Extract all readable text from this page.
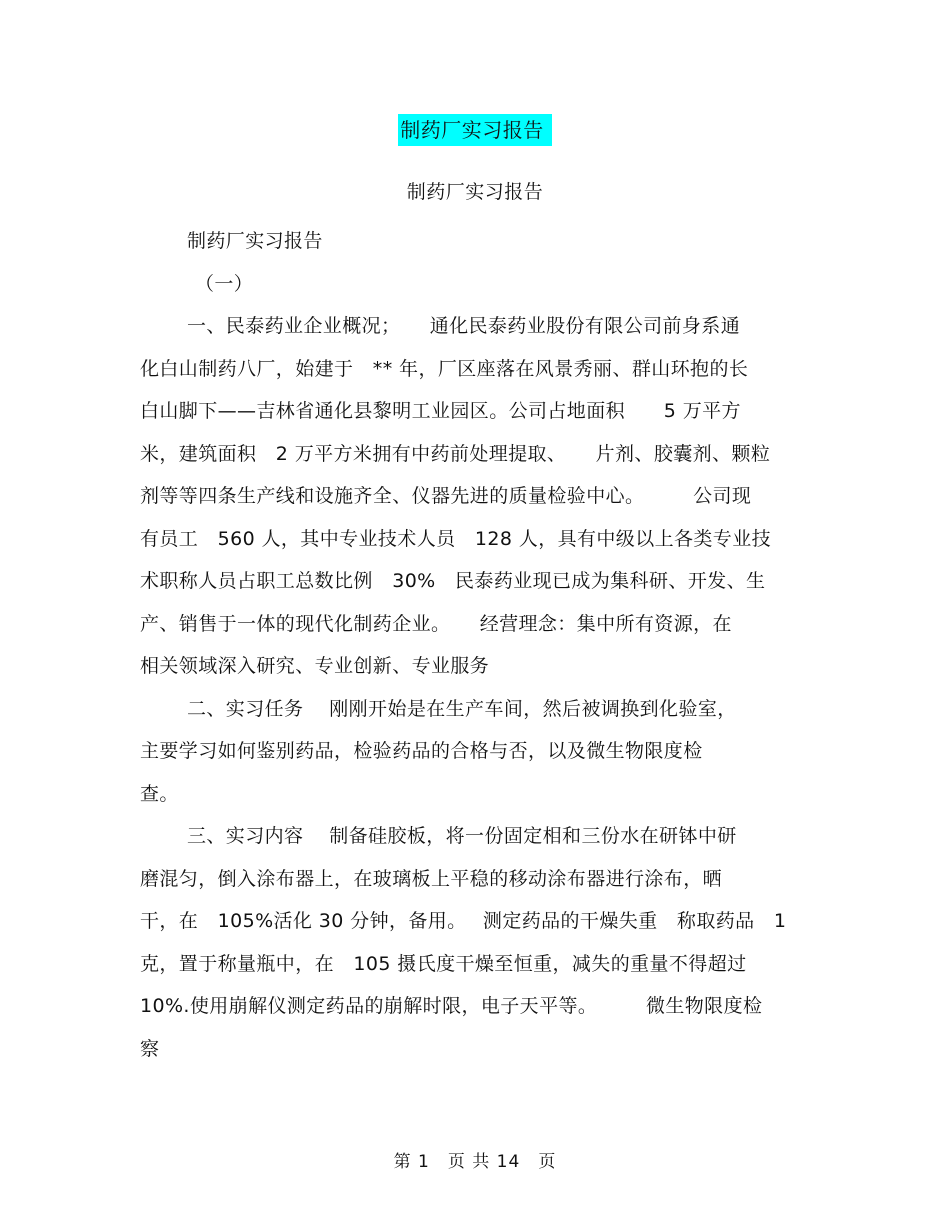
制药厂实习报告
制药厂实习报告

制药厂实习报告

（一）

一、民泰药业企业概况；　　通化民泰药业股份有限公司前身系通
化白山制药八厂，始建于　** 年，厂区座落在风景秀丽、群山环抱的长
白山脚下——吉林省通化县黎明工业园区。公司占地面积　　5 万平方
米，建筑面积　2 万平方米拥有中药前处理提取、　　片剂、胶囊剂、颗粒
剂等等四条生产线和设施齐全、仪器先进的质量检验中心。　　　公司现
有员工　560 人，其中专业技术人员　128 人，具有中级以上各类专业技
术职称人员占职工总数比例　30%　民泰药业现已成为集科研、开发、生
产、销售于一体的现代化制药企业。　　经营理念：集中所有资源，在
相关领域深入研究、专业创新、专业服务

二、实习任务　 刚刚开始是在生产车间，然后被调换到化验室，
主要学习如何鉴别药品，检验药品的合格与否，以及微生物限度检
查。

三、实习内容　 制备硅胶板，将一份固定相和三份水在研钵中研
磨混匀，倒入涂布器上，在玻璃板上平稳的移动涂布器进行涂布，晒
干，在　105%活化 30 分钟，备用。　 测定药品的干燥失重　称取药品　1
克，置于称量瓶中，在　105 摄氏度干燥至恒重，减失的重量不得超过
10%.使用崩解仪测定药品的崩解时限，电子天平等。　　　微生物限度检
察

第 1　页 共 14　页
